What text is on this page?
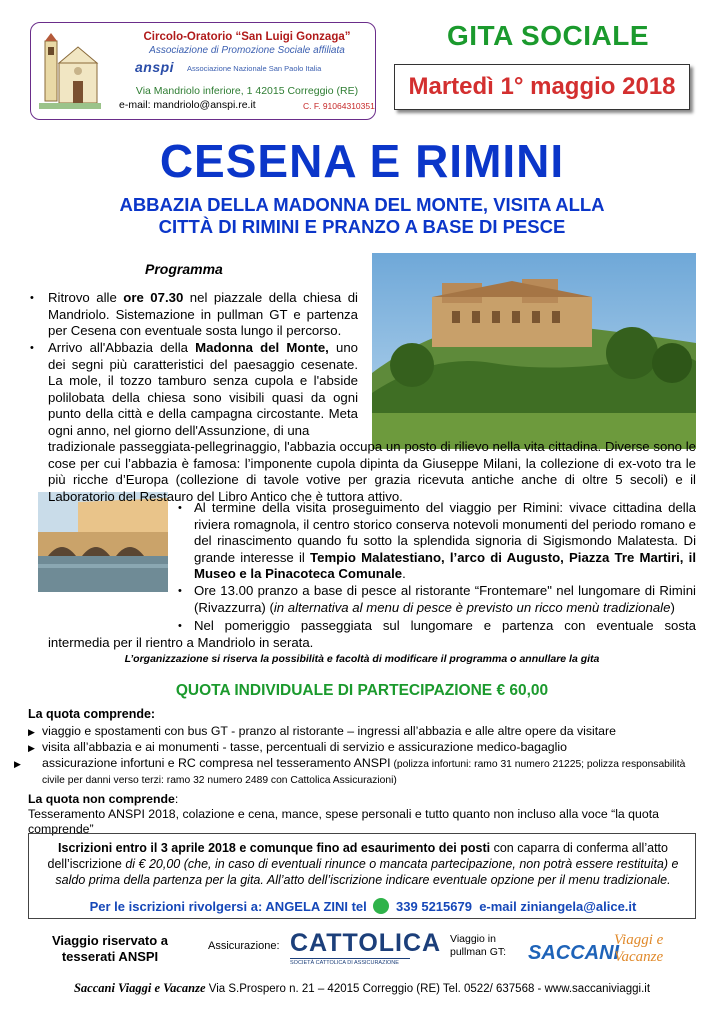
Circolo-Oratorio “San Luigi Gonzaga”
Associazione di Promozione Sociale affiliata
anspi Associazione Nazionale San Paolo Italia
Via Mandriolo inferiore, 1 42015 Correggio (RE)
e-mail: mandriolo@anspi.re.it	C. F. 91064310351
GITA SOCIALE
Martedì 1° maggio 2018
CESENA E RIMINI
ABBAZIA DELLA MADONNA DEL MONTE, VISITA ALLA
CITTÀ DI RIMINI E PRANZO A BASE DI PESCE
Programma
• Ritrovo alle ore 07.30 nel piazzale della chiesa di Mandriolo. Sistemazione in pullman GT e partenza per Cesena con eventuale sosta lungo il percorso.
• Arrivo all'Abbazia della Madonna del Monte, uno dei segni più caratteristici del paesaggio cesenate. La mole, il tozzo tamburo senza cupola e l'abside polilobata della chiesa sono visibili quasi da ogni punto della città e della campagna circostante. Meta ogni anno, nel giorno dell'Assunzione, di una
tradizionale passeggiata-pellegrinaggio, l'abbazia occupa un posto di rilievo nella vita cittadina. Diverse sono le cose per cui l’abbazia è famosa: l’imponente cupola dipinta da Giuseppe Milani, la collezione di ex-voto tra le più ricche d’Europa (collezione di tavole votive per grazia ricevuta antiche anche di oltre 5 secoli) e il Laboratorio del Restauro del Libro Antico che è tuttora attivo.
• Al termine della visita proseguimento del viaggio per Rimini: vivace cittadina della riviera romagnola, il centro storico conserva notevoli monumenti del periodo romano e del rinascimento quando fu sotto la splendida signoria di Sigismondo Malatesta. Di grande interesse il Tempio Malatestiano, l’arco di Augusto, Piazza Tre Martiri, il Museo e la Pinacoteca Comunale.
• Ore 13.00 pranzo a base di pesce al ristorante “Frontemare" nel lungomare di Rimini (Rivazzurra) (in alternativa al menu di pesce è previsto un ricco menù tradizionale)
• Nel pomeriggio passeggiata sul lungomare e partenza con eventuale sosta intermedia per il rientro a Mandriolo in serata.
L’organizzazione si riserva la possibilità e facoltà di modificare il programma o annullare la gita
QUOTA INDIVIDUALE DI PARTECIPAZIONE € 60,00
La quota comprende:
▶ viaggio e spostamenti con bus GT - pranzo al ristorante – ingressi all’abbazia e alle altre opere da visitare
▶ visita all’abbazia e ai monumenti - tasse, percentuali di servizio e assicurazione medico-bagaglio
▶ assicurazione infortuni e RC compresa nel tesseramento ANSPI (polizza infortuni: ramo 31 numero 21225; polizza responsabilità civile per danni verso terzi: ramo 32 numero 2489 con Cattolica Assicurazioni)
La quota non comprende:
Tesseramento ANSPI 2018, colazione e cena, mance, spese personali e tutto quanto non incluso alla voce “la quota comprende”
Iscrizioni entro il 3 aprile 2018 e comunque fino ad esaurimento dei posti con caparra di conferma all’atto dell’iscrizione di € 20,00 (che, in caso di eventuali rinunce o mancata partecipazione, non potrà essere restituita) e saldo prima della partenza per la gita. All’atto dell’iscrizione indicare eventuale opzione per il menu tradizionale.
Per le iscrizioni rivolgersi a: ANGELA ZINI tel 339 5215679 e-mail ziniangela@alice.it
Viaggio riservato a tesserati ANSPI
Assicurazione: CATTOLICA
SOCIETÀ CATTOLICA DI ASSICURAZIONE
Viaggio in pullman GT:	SACCANI
Viaggi e Vacanze
Saccani Viaggi e Vacanze Via S.Prospero n. 21 – 42015 Correggio (RE) Tel. 0522/ 637568 - www.saccaniviaggi.it
